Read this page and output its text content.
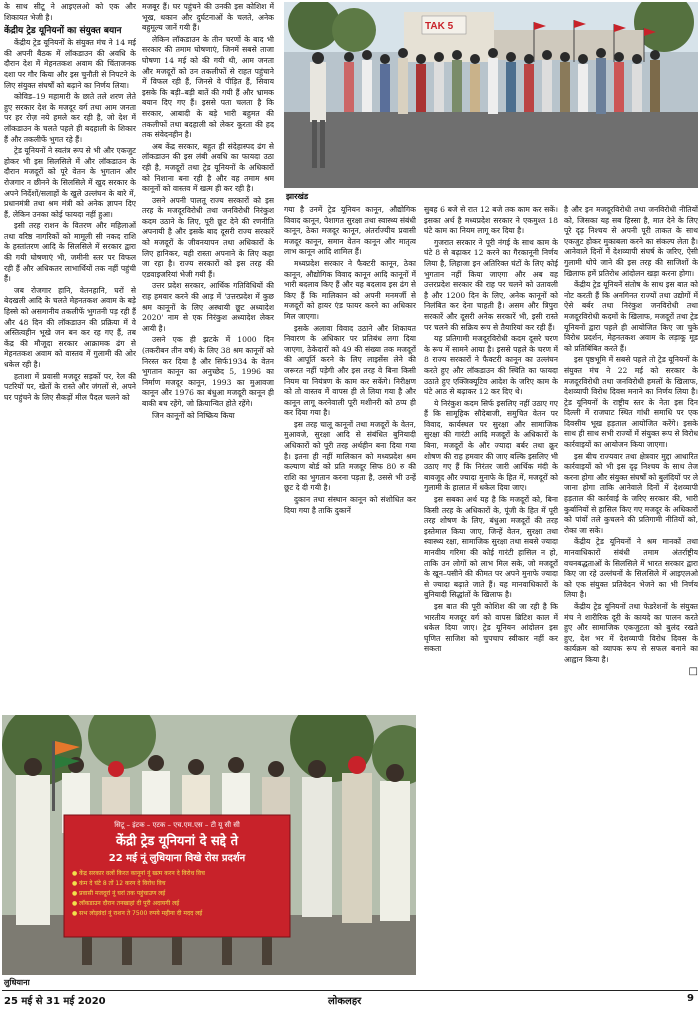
के साथ सीटू ने आइएलओ को एक और शिकायत भेजी है।

केंद्रीय ट्रेड यूनियनों का संयुक्त बयान

केंद्रीय ट्रेड यूनियनों के संयुक्त मंच ने 14 मई की अपनी बैठक में लॉकडाउन की अवधि के दौरान देश में मेहनतकश अवाम की चिंताजनक दशा पर गौर किया और इस चुनौती से निपटने के लिए संयुक्त संघर्षों को बढ़ाने का निर्णय लिया।

कोविड–19 महामारी के छाते तले शरण लेते हुए सरकार देश के मजदूर वर्ग तथा आम जनता पर हर रोज़ नये हमले कर रही है, जो देश में लॉकडाउन के चलते पहले ही बदहाली के शिकार हैं और तकलीफें भुगत रहे हैं।

ट्रेड यूनियनों ने स्वतंत्र रूप से भी और एकजुट होकर भी इस सिलसिले में और लॉकडाउन के दौरान मजदूरों को पूरे वेतन के भुगतान और रोजगार न छीनने के सिलसिले में खुद सरकार के अपने निर्देशों/सलाहों के खुले उल्लंघन के बारे में, प्रधानमंत्री तथा श्रम मंत्री को अनेक ज्ञापन दिए हैं, लेकिन उनका कोई फायदा नहीं हुआ।

इसी तरह राशन के वितरण और महिलाओं तथा वरिष्ठ नागरिकों को मामूली सी नकद राशि के हस्तांतरण आदि के सिलसिले में सरकार द्वारा की गयी घोषणाएं भी, जमीनी स्तर पर विफल रही हैं और अधिकतर लाभार्थियों तक नहीं पहुंची हैं।

जब रोजगार हानि, वेतनहानि, घरों से बेदखली आदि के चलते मेहनतकश अवाम के बड़े हिस्से को असमानीय तकलीफें भुगतनी पड़ रही हैं और 48 दिन की लॉकडाउन की प्रक्रिया में वे अस्तित्वहीन भूखे जन बन कर रह गए हैं, तब केंद्र की मौजूदा सरकार आक्रामक ढंग से मेहनतकश अवाम को वास्तव में गुलामी की ओर धकेल रही है।

हताशा में प्रवासी मजदूर सड़कों पर, रेल की पटरियों पर, खेतों के रास्ते और जंगलों से, अपने घर पहुंचने के लिए सैकड़ों मील पैदल चलने को

मजबूर हैं। घर पहुंचने की उनकी इस कोशिश में भूख, थकान और दुर्घटनाओं के चलते, अनेक बहुमूल्य जानें गयी हैं।

लेकिन लॉकडाउन के तीन चरणों के बाद भी सरकार की तमाम घोषणाएं, जिनमें सबसे ताजा घोषणा 14 मई को की गयी थी, आम जनता और मजदूरों को उन तकलीफों से राहत पहुंचाने में विफल रही हैं, जिनसे वे पीड़ित हैं, सिवाय इसके कि बड़ी–बड़ी बातें की गयी हैं और भ्रामक बयान दिए गए हैं। इससे पता चलता है कि सरकार, आबादी के बड़े भारी बहुमत की तकलीफों तथा बदहाली को लेकर कूरता की हद तक संवेदनहीन है।

अब केंद्र सरकार, बहुत ही संदेहास्पद ढंग से लॉकडाउन की इस लंबी अवधि का फायदा उठा रही है, मजदूरों तथा ट्रेड यूनियनों के अधिकारों को निशाना बना रही है और वह तमाम श्रम कानूनों को वास्तव में खत्म ही कर रही है।

उसने अपनी पालतू राज्य सरकारों को इस तरह के मजदूरविरोधी तथा जनविरोधी निरंकुश कदम उठाने के लिए, पूरी छूट देने की रणनीति अपनायी है और इसके बाद दूसरी राज्य सरकारें को मजदूरों के जीवनयापन तथा अधिकारों के लिए हानिकर, यही रास्ता अपनाने के लिए कहा जा रहा है। राज्य सरकारों को इस तरह की एडवाइजरियां भेजी गयी हैं।

उत्तर प्रदेश सरकार, आर्थिक गतिविधियों की राह हमवार करने की आड़ में 'उत्तरप्रदेश में कुछ श्रम कानूनों के लिए अस्थायी छूट अध्यादेश 2020' नाम से एक निरंकुश अध्यादेश लेकर आयी है।

उसने एक ही झटके में 1000 दिन (तकरीबन तीन वर्ष) के लिए 38 श्रम कानूनों को निरस्त कर दिया है और सिर्फ1934 के वेतन भुगतान कानून का अनुच्छेद 5, 1996 का निर्माण मजदूर कानून, 1993 का मुआवजा कानून और 1976 का बंधुआ मजदूरी कानून ही बाकी बच रहेंगे, जो क्रियान्वित होते रहेंगे।

जिन कानूनों को निष्क्रिय किया

TAK 5
झारखंड

गया है उनमें ट्रेड यूनियन कानून, औद्योगिक विवाद कानून, पेशागत सुरक्षा तथा स्वास्थ्य संबंधी कानून, ठेका मजदूर कानून, अंतर्राज्यीय प्रवासी मजदूर कानून, समान वेतन कानून और मातृत्व लाभ कानून आदि शामिल हैं।

मध्यप्रदेश सरकार ने फैक्टरी कानून, ठेका कानून, औद्योगिक विवाद कानून आदि कानूनों में भारी बदलाव किए हैं और यह बदलाव इस ढंग से किए हैं कि मालिकान को अपनी मनमर्जी से मजदूरों को हायर एंड फायर करने का अधिकार मिल जाएगा।

इसके अलावा विवाद उठाने और शिकायत निवारण के अधिकार पर प्रतिबंध लगा दिया जाएगा, ठेकेदारों को 49 की संख्या तक मजदूरों की आपूर्ति करने के लिए लाइसेंस लेने की जरूरत नहीं पड़ेगी और इस तरह वे बिना किसी नियम या नियंत्रण के काम कर सकेंगे। निरीक्षण को तो वास्तव में वापस ही ले लिया गया है और कानून लागू करनेवाली पूरी मशीनरी को ठप्प ही कर दिया गया है।

इस तरह चालू कानूनों तथा मजदूरों के वेतन, मुआवजे, सुरक्षा आदि से संबंधित बुनियादी अधिकारों को पूरी तरह अर्थहीन बना दिया गया है। इतना ही नहीं मालिकान को मध्यप्रदेश श्रम कल्याण बोर्ड को प्रति मजदूर सिफ 80 रु की राशि का भुगतान करना पड़ता है, उससे भी उन्हें छूट दे दी गयी है।

दुकान तथा संस्थान कानून को संशोधित कर दिया गया है ताकि दुकानें

सुबह 6 बजे से रात 12 बजे तक काम कर सकें। इसका अर्थ है मध्यप्रदेश सरकार ने एकमुश्त 18 घंटे काम का नियम लागू कर दिया है।

गुजरात सरकार ने पूरी नंगई के साथ काम के घंटे 8 से बढ़ाकर 12 करने का गैरकानूनी निर्णय लिया है, लिहाजा इन अतिरिक्त घंटों के लिए कोई भुगतान नहीं किया जाएगा और अब वह उत्तरप्रदेश सरकार की राह पर चलने को उतावली है और 1200 दिन के लिए, अनेक कानूनों को निलंबित कर देना चाहती है। असम और त्रिपुरा सरकारें और दूसरी अनेक सरकारें भी, इसी रास्ते पर चलने की सक्रिय रूप से तैयारियां कर रही हैं।

यह प्रतिगामी मजदूरविरोधी कदम दूसरे चरण के रूप में सामने आया है। इससे पहले के चरण में 8 राज्य सरकारों ने फैक्टरी कानून का उल्लंघन करते हुए और लॉकडाउन की स्थिति का फायदा उठाते हुए एक्जिक्यूटिव आदेश के जरिए काम के घंटे आठ से बढ़ाकर 12 कर दिए थे।

ये निरंकुश कदम सिर्फ इसलिए नहीं उठाए गए हैं कि सामूहिक सौदेबाजी, समुचित वेतन पर विवाद, कार्यस्थल पर सुरक्षा और सामाजिक सुरक्षा की गारंटी आदि मजदूरों के अधिकारों के बिना, मजदूरों के और ज्यादा बर्बर तथा क्रूर शोषण की राह हमवार की जाए बल्कि इसलिए भी उठाए गए हैं कि निरंतर जारी आर्थिक मंदी के बावजूद और ज्यादा मुनाफे के हित में, मजदूरों को गुलामी के हालात में धकेल दिया जाए।

इस सबका अर्थ यह है कि मजदूरों को, बिना किसी तरह के अधिकारों के, पूंजी के हित में पूरी तरह शोषण के लिए, बंधुआ मजदूरों की तरह इस्तेमाल किया जाए, जिन्हें वेतन, सुरक्षा तथा स्वास्थ्य रक्षा, सामाजिक सुरक्षा तथा सबसे ज्यादा मानवीय गरिमा की कोई गारंटी हासिल न हो, ताकि उन लोगों को लाभ मिल सके, जो मजदूरों के खून–पसीने की कीमत पर अपने मुनाफे ज्यादा से ज्यादा बढ़ाते जाते हैं। यह मानवाधिकारों के बुनियादी सिद्धांतों के खिलाफ है।

इस बात की पूरी कोशिश की जा रही है कि भारतीय मजदूर वर्ग को वापस ब्रिटिश काल में धकेल दिया जाए। ट्रेड यूनियन आंदोलन इस घृणित साजिश को चुपचाप स्वीकार नहीं कर सकता

है और इन मजदूरविरोधी तथा जनविरोधी नीतियों को, जिसका यह सब हिस्सा है, मात देने के लिए पूरे दृढ़ निश्चय से अपनी पूरी ताकत के साथ एकजुट होकर मुकाबला करने का संकल्प लेता है। आनेवाले दिनों में देशव्यापी संघर्ष के जरिए, ऐसी गुलामी थोपे जाने की इस तरह की साजिशों के खिलाफ हमें प्रतिरोध आंदोलन खड़ा करना होगा।

केंद्रीय ट्रेड यूनियनें संतोष के साथ इस बात को नोट करती हैं कि अनगिनत राज्यों तथा उद्योगों में ऐसे बर्बर तथा निरंकुश जनविरोधी तथा मजदूरविरोधी कदमों के खिलाफ, मजदूरों तथा ट्रेड यूनियनों द्वारा पहले ही आयोजित किए जा चुके विरोध प्रदर्शन, मेहनतकश अवाम के लड़ाकू मूड को प्रतिबिंबित करते हैं।

इस पृष्ठभूमि में सबसे पहले तो ट्रेड यूनियनों के संयुक्त मंच ने 22 मई को सरकार के मजदूरविरोधी तथा जनविरोधी हमलों के खिलाफ, देशव्यापी विरोध दिवस मनाने का निर्णय लिया है। ट्रेड यूनियनों के राष्ट्रीय स्तर के नेता इस दिन दिल्ली में राजघाट स्थित गांधी समाधि पर एक दिवसीय भूख हड़ताल आयोजित करेंगे। इसके साथ ही साथ सभी राज्यों में संयुक्त रूप से विरोध कार्रवाइयों का आयोजन किया जाएगा।

इस बीच राज्यवार तथा क्षेत्रवार मुद्दा आधारित कार्रवाइयों को भी इस दृढ़ निश्चय के साथ तेज करना होगा और संयुक्त संघर्षों को बुलंदियों पर ले जाना होगा ताकि आनेवाले दिनों में देशव्यापी हड़ताल की कार्रवाई के जरिए सरकार की, भारी कुर्बानियों से हासिल किए गए मजदूर के अधिकारों को पांवों तले कुचलने की प्रतिगामी नीतियों को, रोका जा सके।

केंद्रीय ट्रेड यूनियनों ने श्रम मानकों तथा मानवाधिकारों संबंधी तमाम अंतर्राष्ट्रीय वचनबद्धताओं के सिलसिले में भारत सरकार द्वारा किए जा रहे उल्लंघनों के सिलसिले में आइएलओ को एक संयुक्त प्रतिवेदन भेजने का भी निर्णय लिया है।

केंद्रीय ट्रेड यूनियनों तथा फेडरेशनों के संयुक्त मंच ने शारीरिक दूरी के कायदे का पालन करते हुए और सामाजिक एकजुटता को बुलंद रखते हुए, देश भर में देशव्यापी विरोध दिवस के कार्यक्रम को व्यापक रूप से सफल बनाने का आह्वान किया है।

□
सिटू – इंटक – एटक – एच.एम.एस – टी यू सी सी
केंद्री ट्रेड यूनियनां दे सद्दे ते
22 मई नूं लुधियाना विखे रोस प्रदर्शन
● केंद्र सरकार वलों किरत कानूनां नूं खत्म करन दे विरोध विच
● कंम दे घंटे 8 तों 12 करन दे विरोध विच
● प्रवासी मजदूरां नूं घरां तक पहुंचाउण लई
● लॉकडाउन दौरान तनखाहां दी पूरी अदायगी लई
● सभ लोड़वंदां नूं राशन ते 7500 रुपये महीना दी मदद लई
लुधियाना
25 मई से 31 मई 2020	लोकलहर	9
